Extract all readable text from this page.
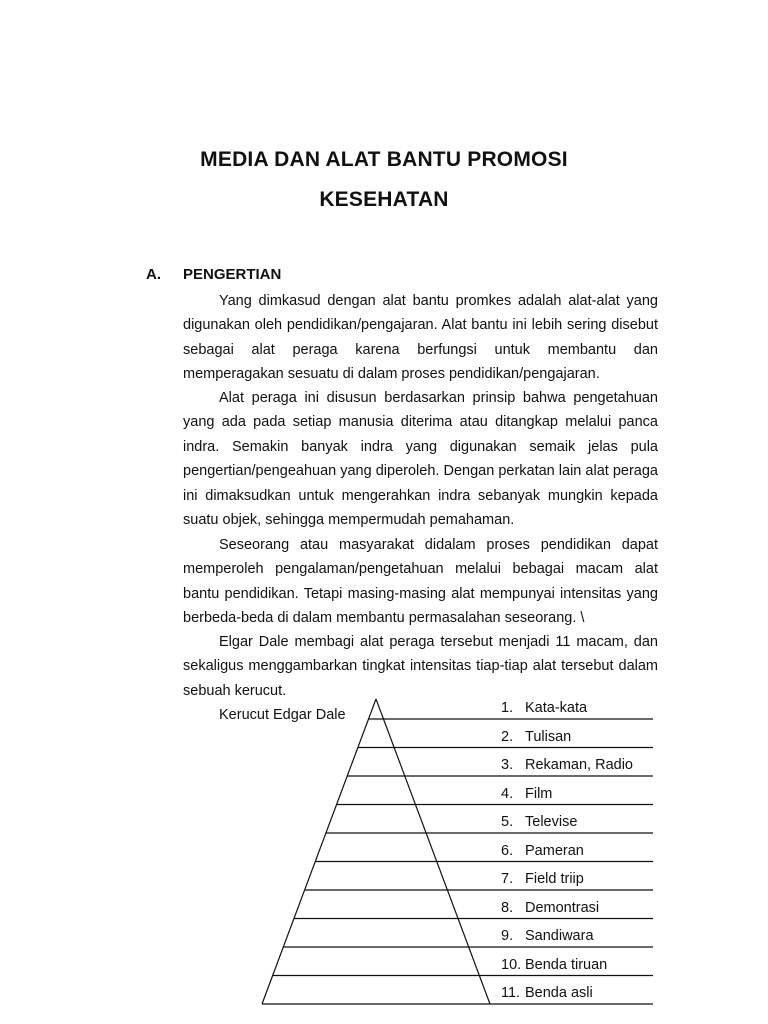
MEDIA DAN ALAT BANTU PROMOSI
KESEHATAN
A. PENGERTIAN

Yang dimkasud dengan alat bantu promkes adalah alat-alat yang digunakan oleh pendidikan/pengajaran. Alat bantu ini lebih sering disebut sebagai alat peraga karena berfungsi untuk membantu dan memperagakan sesuatu di dalam proses pendidikan/pengajaran.

Alat peraga ini disusun berdasarkan prinsip bahwa pengetahuan yang ada pada setiap manusia diterima atau ditangkap melalui panca indra. Semakin banyak indra yang digunakan semaik jelas pula pengertian/pengeahuan yang diperoleh. Dengan perkatan lain alat peraga ini dimaksudkan untuk mengerahkan indra sebanyak mungkin kepada suatu objek, sehingga mempermudah pemahaman.

Seseorang atau masyarakat didalam proses pendidikan dapat memperoleh pengalaman/pengetahuan melalui bebagai macam alat bantu pendidikan. Tetapi masing-masing alat mempunyai intensitas yang berbeda-beda di dalam membantu permasalahan seseorang. \

Elgar Dale membagi alat peraga tersebut menjadi 11 macam, dan sekaligus menggambarkan tingkat intensitas tiap-tiap alat tersebut dalam sebuah kerucut.

Kerucut Edgar Dale	1. Kata-kata
2. Tulisan
3. Rekaman, Radio
4. Film
5. Televise
6. Pameran
7. Field triip
8. Demontrasi
9. Sandiwara
10. Benda tiruan
11. Benda asli
